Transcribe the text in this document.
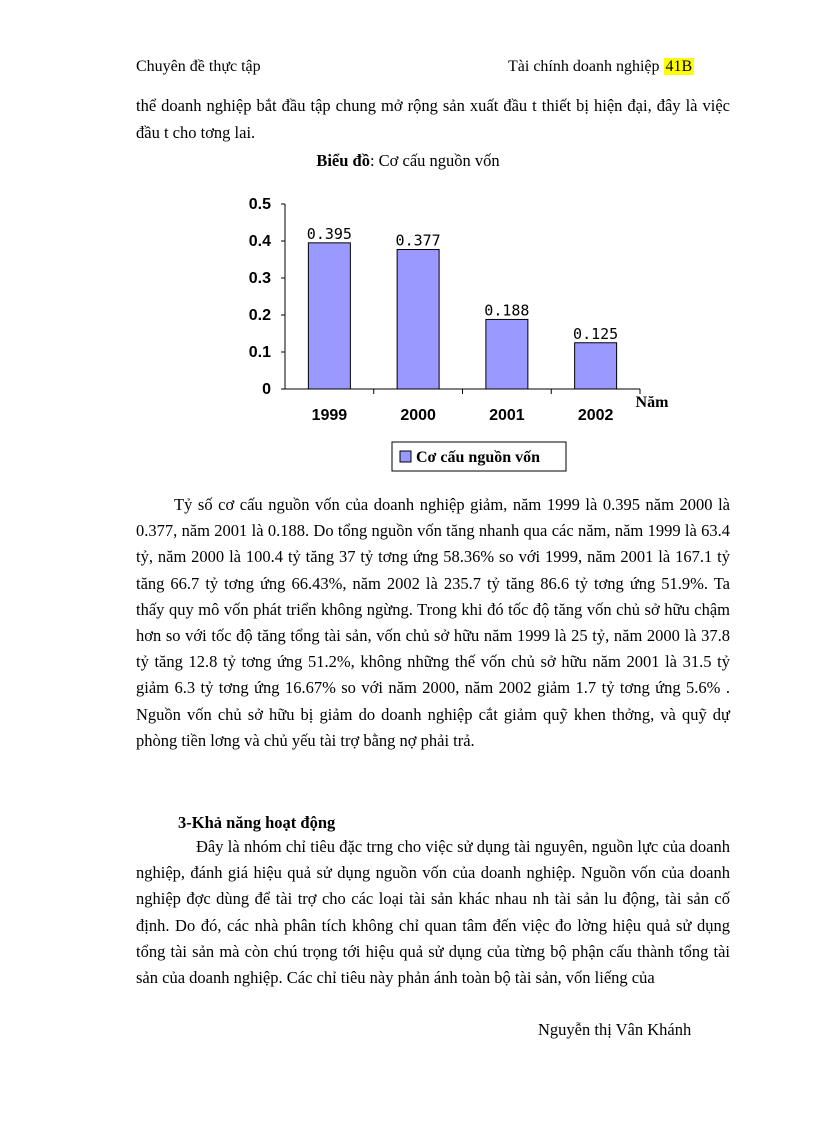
Chuyên đề thực tập	Tài chính doanh nghiệp 41B

thể doanh nghiệp bắt đầu tập chung mở rộng sản xuất đầu t thiết bị hiện đại, đây là việc đầu t cho tơng lai.

Biểu đồ: Cơ cấu nguồn vốn
0
0.1
0.2
0.3
0.4
0.5
0.395	0.377
0.188
0.125
1999	2000	2001	2002
Năm
Cơ cấu nguồn vốn

Tỷ số cơ cấu nguồn vốn của doanh nghiệp giảm, năm 1999 là 0.395 năm 2000 là 0.377, năm 2001 là 0.188. Do tổng nguồn vốn tăng nhanh qua các năm, năm 1999 là 63.4 tỷ, năm 2000 là 100.4 tỷ tăng 37 tỷ tơng ứng 58.36% so với 1999, năm 2001 là 167.1 tỷ tăng 66.7 tỷ tơng ứng 66.43%, năm 2002 là 235.7 tỷ tăng 86.6 tỷ tơng ứng 51.9%. Ta thấy quy mô vốn phát triển không ngừng. Trong khi đó tốc độ tăng vốn chủ sở hữu chậm hơn so với tốc độ tăng tổng tài sản, vốn chủ sở hữu năm 1999 là 25 tỷ, năm 2000 là 37.8 tỷ tăng 12.8 tỷ tơng ứng 51.2%, không những thế vốn chủ sở hữu năm 2001 là 31.5 tỷ giảm 6.3 tỷ tơng ứng 16.67% so với năm 2000, năm 2002 giảm 1.7 tỷ tơng ứng 5.6% . Nguồn vốn chủ sở hữu bị giảm do doanh nghiệp cắt giảm quỹ khen thởng, và quỹ dự phòng tiền lơng và chủ yếu tài trợ bằng nợ phải trả.

3-Khả năng hoạt động

Đây là nhóm chỉ tiêu đặc trng cho việc sử dụng tài nguyên, nguồn lực của doanh nghiệp, đánh giá hiệu quả sử dụng nguồn vốn của doanh nghiệp. Nguồn vốn của doanh nghiệp đợc dùng để tài trợ cho các loại tài sản khác nhau nh tài sản lu động, tài sản cố định. Do đó, các nhà phân tích không chỉ quan tâm đến việc đo lờng hiệu quả sử dụng tổng tài sản mà còn chú trọng tới hiệu quả sử dụng của từng bộ phận cấu thành tổng tài sản của doanh nghiệp. Các chỉ tiêu này phản ánh toàn bộ tài sản, vốn liếng của

Nguyễn thị Vân Khánh
